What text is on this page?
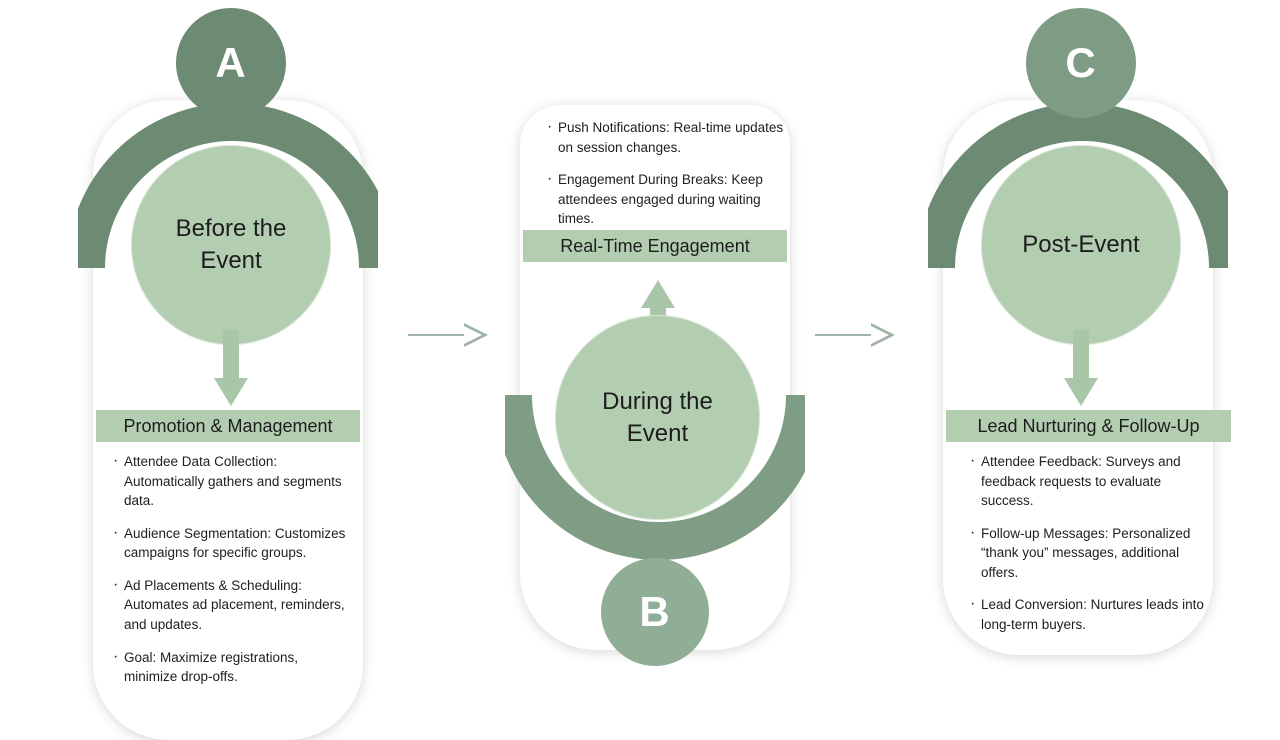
A
Before the
Event
Promotion & Management
· Attendee Data Collection: Automatically gathers and segments data.
· Audience Segmentation: Customizes campaigns for specific groups.
· Ad Placements & Scheduling: Automates ad placement, reminders, and updates.
· Goal: Maximize registrations, minimize drop-offs.
· Push Notifications: Real-time updates on session changes.
· Engagement During Breaks: Keep attendees engaged during waiting times.
Real-Time Engagement
During the
Event
B
C
Post-Event
Lead Nurturing & Follow-Up
· Attendee Feedback: Surveys and feedback requests to evaluate success.
· Follow-up Messages: Personalized “thank you” messages, additional offers.
· Lead Conversion: Nurtures leads into long-term buyers.
